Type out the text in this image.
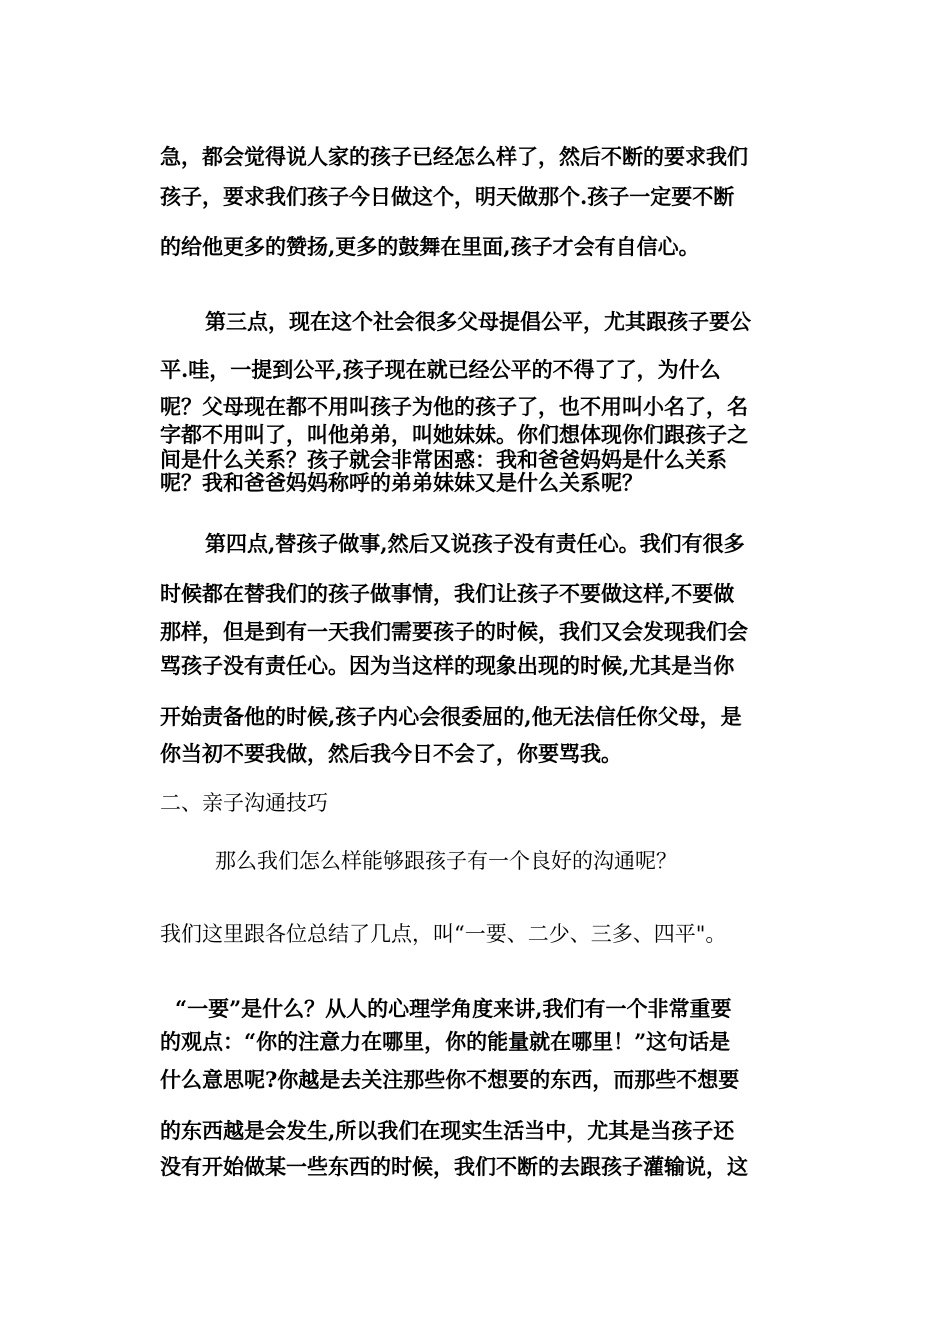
急，都会觉得说人家的孩子已经怎么样了，然后不断的要求我们

孩子，要求我们孩子今日做这个，明天做那个.孩子一定要不断

的给他更多的赞扬,更多的鼓舞在里面,孩子才会有自信心。

第三点，现在这个社会很多父母提倡公平，尤其跟孩子要公

平.哇，一提到公平,孩子现在就已经公平的不得了了，为什么

呢？父母现在都不用叫孩子为他的孩子了，也不用叫小名了，名

字都不用叫了，叫他弟弟，叫她妹妹。你们想体现你们跟孩子之

间是什么关系？孩子就会非常困惑：我和爸爸妈妈是什么关系

呢？我和爸爸妈妈称呼的弟弟妹妹又是什么关系呢？

第四点,替孩子做事,然后又说孩子没有责任心。我们有很多

时候都在替我们的孩子做事情，我们让孩子不要做这样,不要做

那样，但是到有一天我们需要孩子的时候，我们又会发现我们会

骂孩子没有责任心。因为当这样的现象出现的时候,尤其是当你

开始责备他的时候,孩子内心会很委屈的,他无法信任你父母，是

你当初不要我做，然后我今日不会了，你要骂我。

二、亲子沟通技巧

那么我们怎么样能够跟孩子有一个良好的沟通呢？

我们这里跟各位总结了几点，叫“一要、二少、三多、四平"。

“一要”是什么？从人的心理学角度来讲,我们有一个非常重要

的观点：“你的注意力在哪里，你的能量就在哪里！”这句话是

什么意思呢?你越是去关注那些你不想要的东西，而那些不想要

的东西越是会发生,所以我们在现实生活当中，尤其是当孩子还

没有开始做某一些东西的时候，我们不断的去跟孩子灌输说，这
